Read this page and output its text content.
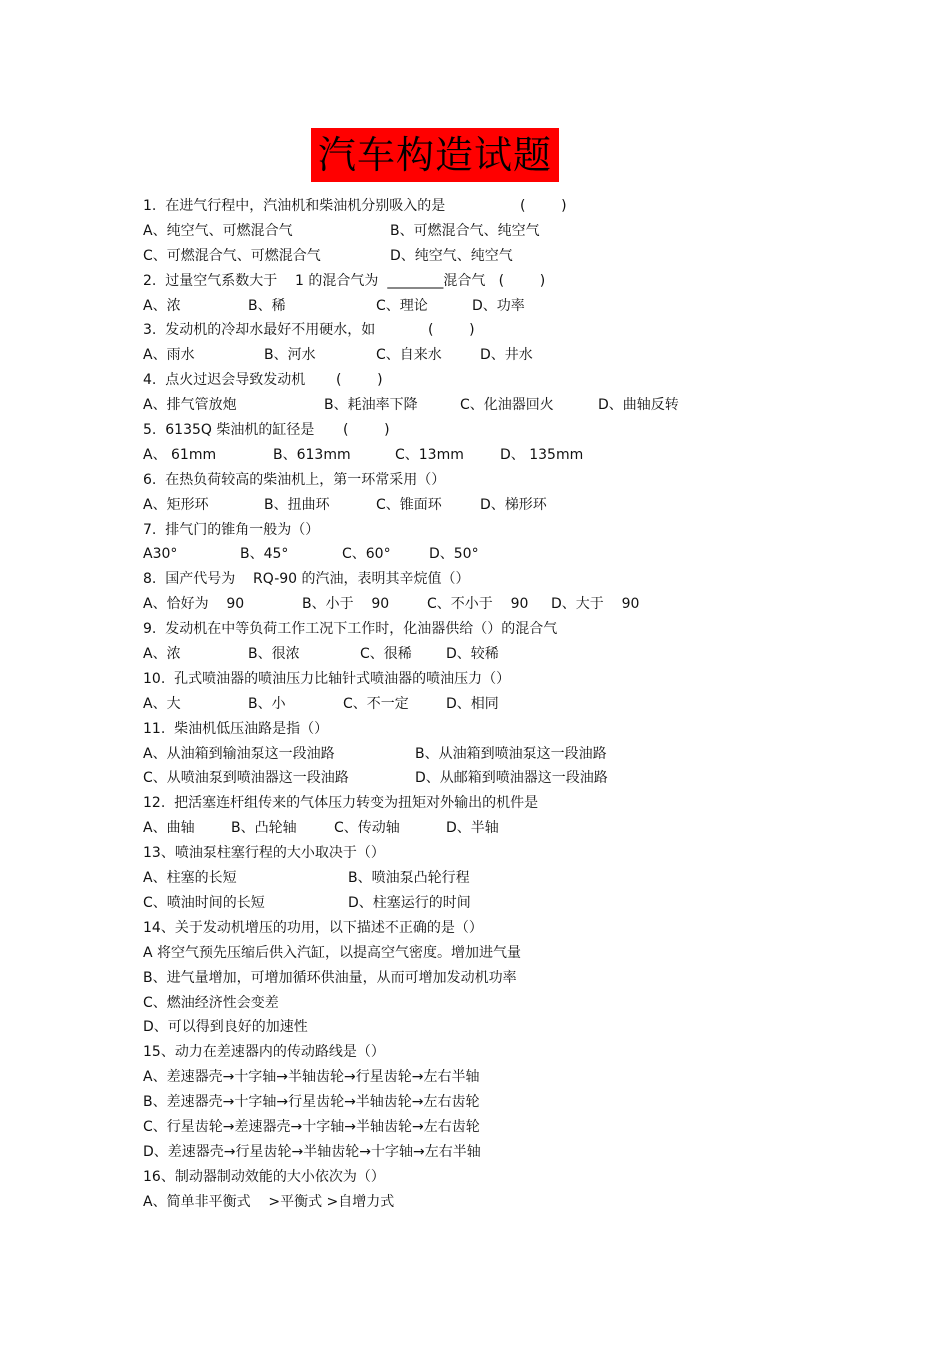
汽车构造试题
1.  在进气行程中，汽油机和柴油机分别吸入的是	(        )
A、纯空气、可燃混合气	B、可燃混合气、纯空气
C、可燃混合气、可燃混合气	D、纯空气、纯空气
2.  过量空气系数大于    1 的混合气为  ________混合气   (        )
A、浓	B、稀	C、理论	D、功率
3.  发动机的冷却水最好不用硬水，如	(        )
A、雨水	B、河水	C、自来水	D、井水
4.  点火过迟会导致发动机 (        )
A、排气管放炮	B、耗油率下降	C、化油器回火	D、曲轴反转
5.  6135Q 柴油机的缸径是 (        )
A、 61mm	B、613mm	C、13mm	D、 135mm
6.  在热负荷较高的柴油机上，第一环常采用（）
A、矩形环	B、扭曲环	C、锥面环	D、梯形环
7.  排气门的锥角一般为（）
A30°	B、45°	C、60°	D、50°
8.  国产代号为    RQ-90 的汽油，表明其辛烷值（）
A、恰好为    90	B、小于    90	C、不小于    90 D、大于    90
9.  发动机在中等负荷工作工况下工作时，化油器供给（）的混合气
A、浓	B、很浓	C、很稀 D、较稀
10.  孔式喷油器的喷油压力比轴针式喷油器的喷油压力（）
A、大	B、小	C、不一定	D、相同
11.  柴油机低压油路是指（）
A、从油箱到输油泵这一段油路	B、从油箱到喷油泵这一段油路
C、从喷油泵到喷油器这一段油路	D、从邮箱到喷油器这一段油路
12.  把活塞连杆组传来的气体压力转变为扭矩对外输出的机件是
A、曲轴	B、凸轮轴	C、传动轴	D、半轴
13、喷油泵柱塞行程的大小取决于（）
A、柱塞的长短	B、喷油泵凸轮行程
C、喷油时间的长短	D、柱塞运行的时间
14、关于发动机增压的功用，以下描述不正确的是（）
A 将空气预先压缩后供入汽缸，以提高空气密度。增加进气量
B、进气量增加，可增加循环供油量，从而可增加发动机功率
C、燃油经济性会变差
D、可以得到良好的加速性
15、动力在差速器内的传动路线是（）
A、差速器壳→十字轴→半轴齿轮→行星齿轮→左右半轴
B、差速器壳→十字轴→行星齿轮→半轴齿轮→左右齿轮
C、行星齿轮→差速器壳→十字轴→半轴齿轮→左右齿轮
D、差速器壳→行星齿轮→半轴齿轮→十字轴→左右半轴
16、制动器制动效能的大小依次为（）
A、简单非平衡式    >平衡式 >自增力式
